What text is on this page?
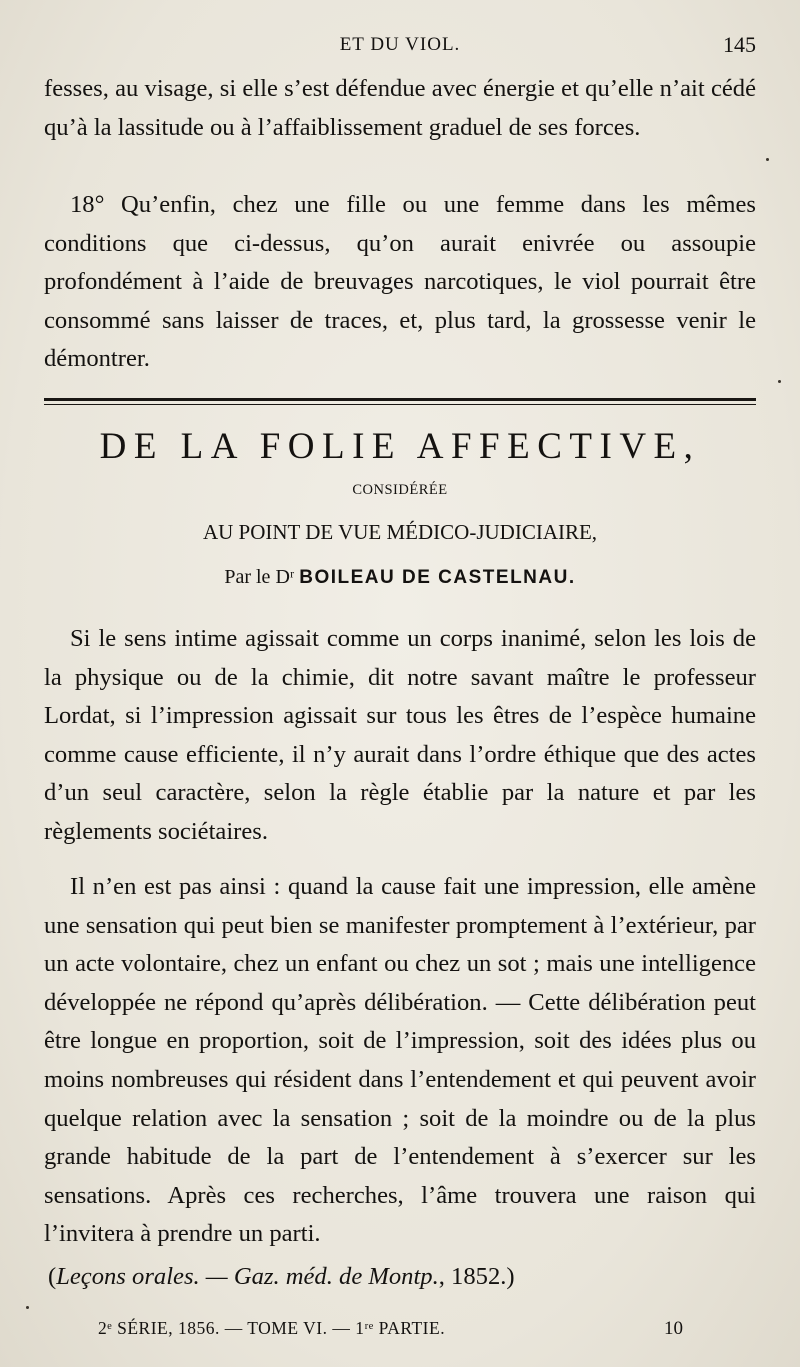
ET DU VIOL.	145

fesses, au visage, si elle s’est défendue avec énergie et qu’elle n’ait cédé qu’à la lassitude ou à l’affaiblissement graduel de ses forces.

18° Qu’enfin, chez une fille ou une femme dans les mêmes conditions que ci-dessus, qu’on aurait enivrée ou assoupie profondément à l’aide de breuvages narcotiques, le viol pourrait être consommé sans laisser de traces, et, plus tard, la grossesse venir le démontrer.

DE LA FOLIE AFFECTIVE,
CONSIDÉRÉE
AU POINT DE VUE MÉDICO-JUDICIAIRE,
Par le Dʳ BOILEAU DE CASTELNAU.

Si le sens intime agissait comme un corps inanimé, selon les lois de la physique ou de la chimie, dit notre savant maître le professeur Lordat, si l’impression agissait sur tous les êtres de l’espèce humaine comme cause efficiente, il n’y aurait dans l’ordre éthique que des actes d’un seul caractère, selon la règle établie par la nature et par les règlements sociétaires.

Il n’en est pas ainsi : quand la cause fait une impression, elle amène une sensation qui peut bien se manifester promptement à l’extérieur, par un acte volontaire, chez un enfant ou chez un sot ; mais une intelligence développée ne répond qu’après délibération. — Cette délibération peut être longue en proportion, soit de l’impression, soit des idées plus ou moins nombreuses qui résident dans l’entendement et qui peuvent avoir quelque relation avec la sensation ; soit de la moindre ou de la plus grande habitude de la part de l’entendement à s’exercer sur les sensations. Après ces recherches, l’âme trouvera une raison qui l’invitera à prendre un parti.

(Leçons orales. — Gaz. méd. de Montp., 1852.)

2ᵉ SÉRIE, 1856. — TOME VI. — 1ʳᵉ PARTIE.	10
